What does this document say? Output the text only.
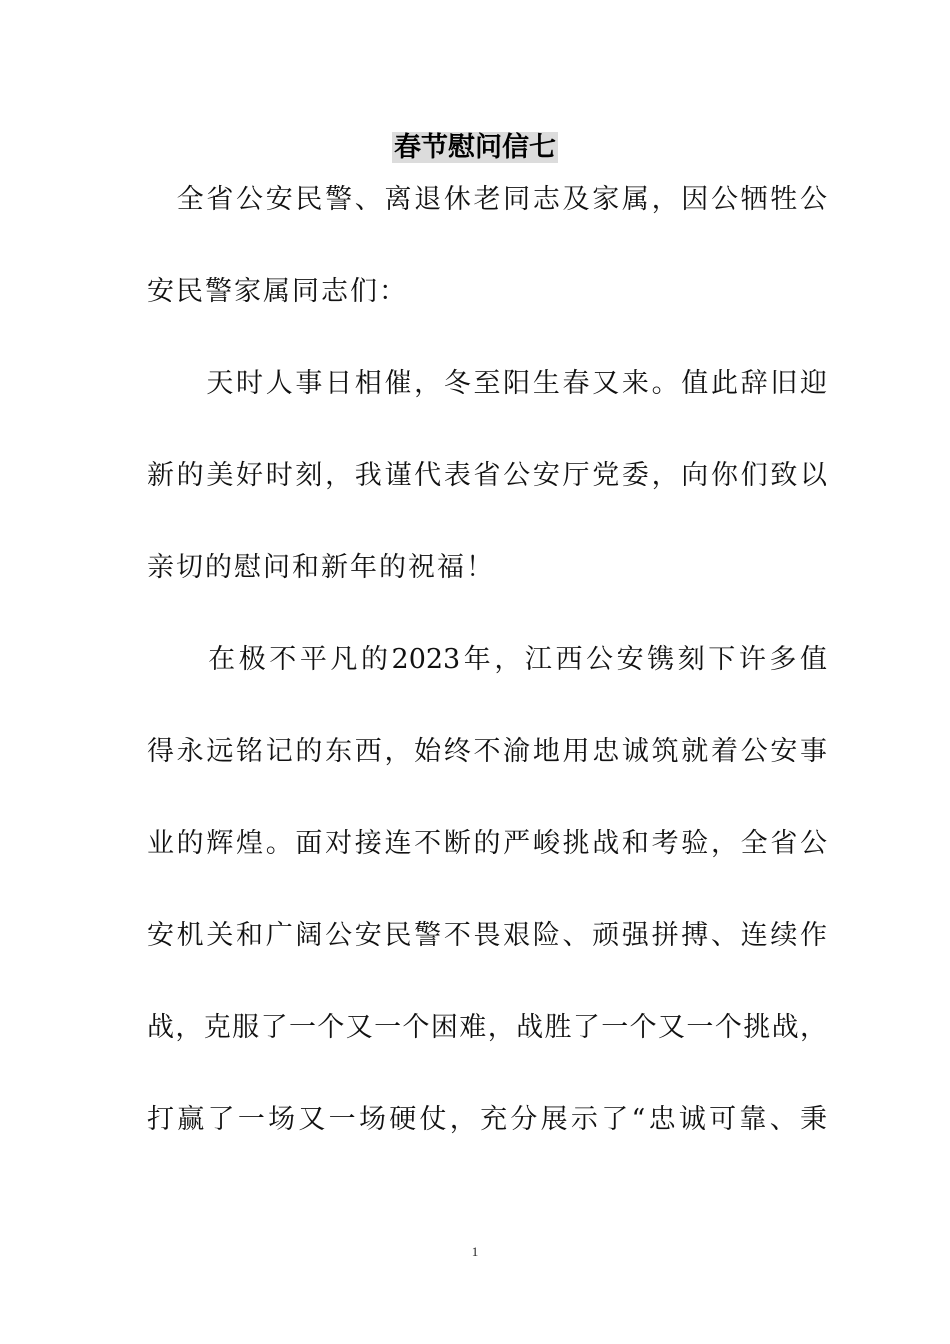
春节慰问信七
　全省公安民警、离退休老同志及家属，因公牺牲公
安民警家属同志们：
　　天时人事日相催，冬至阳生春又来。值此辞旧迎
新的美好时刻，我谨代表省公安厅党委，向你们致以
亲切的慰问和新年的祝福！
　　在极不平凡的2023年，江西公安镌刻下许多值
得永远铭记的东西，始终不渝地用忠诚筑就着公安事
业的辉煌。面对接连不断的严峻挑战和考验，全省公
安机关和广阔公安民警不畏艰险、顽强拼搏、连续作
战，克服了一个又一个困难，战胜了一个又一个挑战，
打赢了一场又一场硬仗，充分展示了“忠诚可靠、秉
1
